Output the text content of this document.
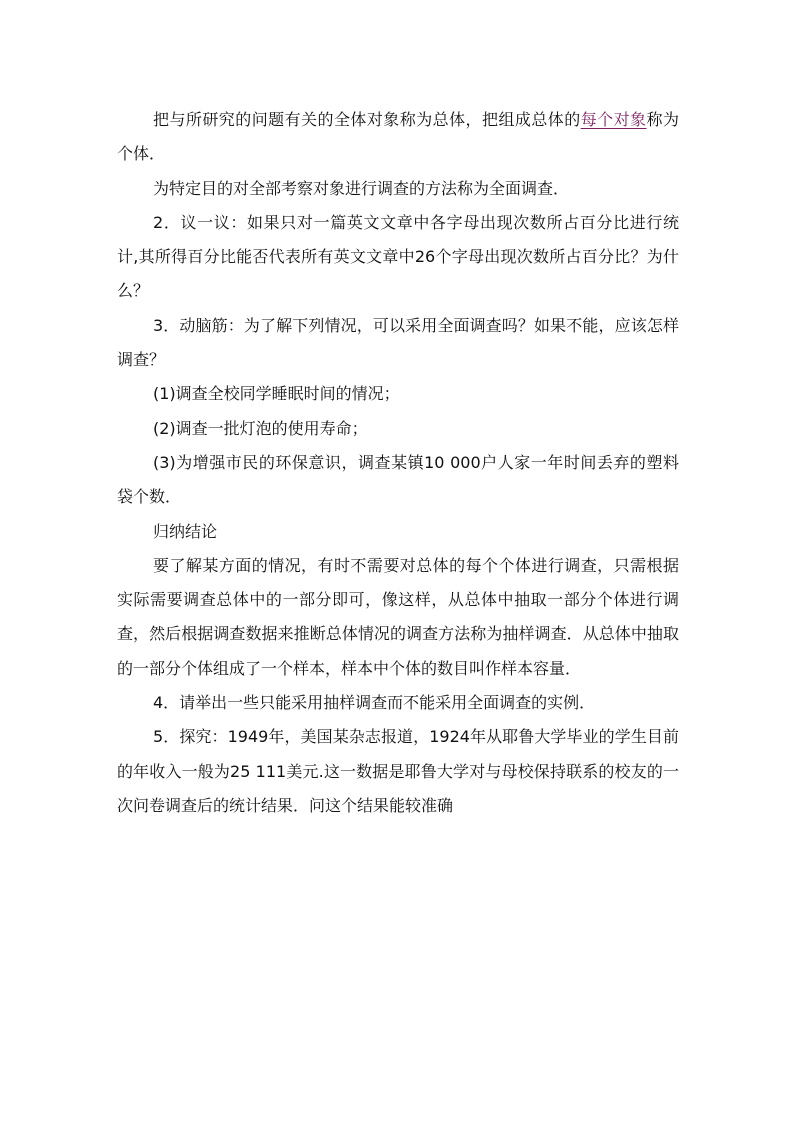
把与所研究的问题有关的全体对象称为总体，把组成总体的每个对象称为个体．

为特定目的对全部考察对象进行调查的方法称为全面调查．

2．议一议：如果只对一篇英文文章中各字母出现次数所占百分比进行统计,其所得百分比能否代表所有英文文章中26个字母出现次数所占百分比？为什么？

3．动脑筋：为了解下列情况，可以采用全面调查吗？如果不能，应该怎样调查？

(1)调查全校同学睡眠时间的情况；

(2)调查一批灯泡的使用寿命；

(3)为增强市民的环保意识，调查某镇10 000户人家一年时间丢弃的塑料袋个数．

归纳结论

要了解某方面的情况，有时不需要对总体的每个个体进行调查，只需根据实际需要调查总体中的一部分即可，像这样，从总体中抽取一部分个体进行调查，然后根据调查数据来推断总体情况的调查方法称为抽样调查．从总体中抽取的一部分个体组成了一个样本，样本中个体的数目叫作样本容量．

4．请举出一些只能采用抽样调查而不能采用全面调查的实例．

5．探究：1949年，美国某杂志报道，1924年从耶鲁大学毕业的学生目前的年收入一般为25 111美元.这一数据是耶鲁大学对与母校保持联系的校友的一次问卷调查后的统计结果．问这个结果能较准确
